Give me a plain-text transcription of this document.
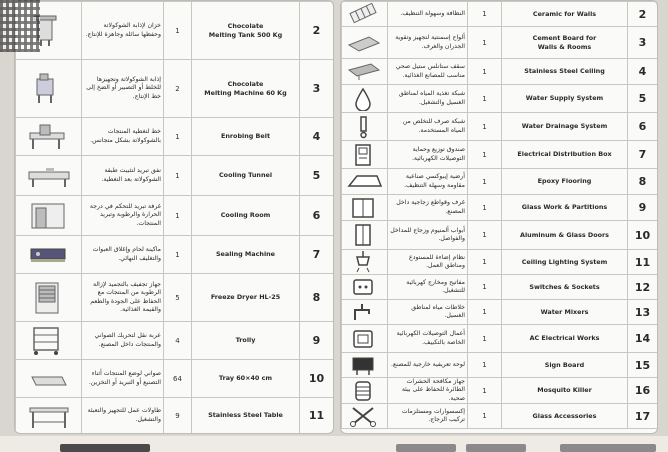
	خزان لإذابة الشوكولاتة وحفظها سائلة وجاهزة للإنتاج.	1	Chocolate
Melting Tank 500 Kg	2

	إذابة الشوكولاتة وتجهيزها للخلط أو التصبير أو الضخ إلى خط الإنتاج.	2	Chocolate
Melting Machine 60 Kg	3

	خط لتغطية المنتجات بالشوكولاتة بشكل متجانس.	1	Enrobing Belt	4

	نفق تبريد لتثبيت طبقة الشوكولاتة بعد التغطية.	1	Cooling Tunnel	5

	غرفة تبريد للتحكم في درجة الحرارة والرطوبة وتبريد المنتجات.	1	Cooling Room	6

	ماكينة لحام وإغلاق العبوات والتغليف النهائي.	1	Sealing Machine	7

	جهاز تجفيف بالتجميد لإزالة الرطوبة من المنتجات مع الحفاظ على الجودة والطعم والقيمة الغذائية.	5	Freeze Dryer HL-25	8

	عربة نقل لتحريك الصواني والمنتجات داخل المصنع.	4	Trolly	9

	صواني لوضع المنتجات أثناء التصنيع أو التبريد أو التخزين.	64	Tray 60×40 cm	10

	طاولات عمل للتجهيز والتعبئة والتشغيل.	9	Stainless Steel Table	11
	النظافة وسهولة التنظيف.	1	Ceramic for Walls	2

	ألواح إسمنتية لتجهيز وتقوية الجدران والغرف.	1	Cement Board for
Walls & Rooms	3

	سقف ستانلس ستيل صحي مناسب للمصانع الغذائية.	1	Stainless Steel Ceiling	4

	شبكة تغذية المياه لمناطق الغسيل والتشغيل.	1	Water Supply System	5

	شبكة صرف للتخلص من المياه المستخدمة.	1	Water Drainage System	6

	صندوق توزيع وحماية التوصيلات الكهربائية.	1	Electrical Distribution Box	7

	أرضية إيبوكسي صناعية مقاومة وسهلة التنظيف.	1	Epoxy Flooring	8

	غرف وقواطع زجاجية داخل المصنع.	1	Glass Work & Partitions	9

	أبواب ألمنيوم وزجاج للمداخل والفواصل.	1	Aluminum & Glass Doors	10

	نظام إضاءة للمستودع ومناطق العمل.	1	Ceiling Lighting System	11

	مفاتيح ومخارج كهربائية للتشغيل.	1	Switches & Sockets	12

	خلاطات مياه لمناطق الغسيل.	1	Water Mixers	13

	أعمال التوصيلات الكهربائية الخاصة بالتكييف.	1	AC Electrical Works	14

	لوحة تعريفية خارجية للمصنع.	1	Sign Board	15

	جهاز مكافحة الحشرات الطائرة للحفاظ على بيئة صحية.	1	Mosquito Killer	16

	إكسسوارات ومستلزمات تركيب الزجاج.	1	Glass Accessories	17
